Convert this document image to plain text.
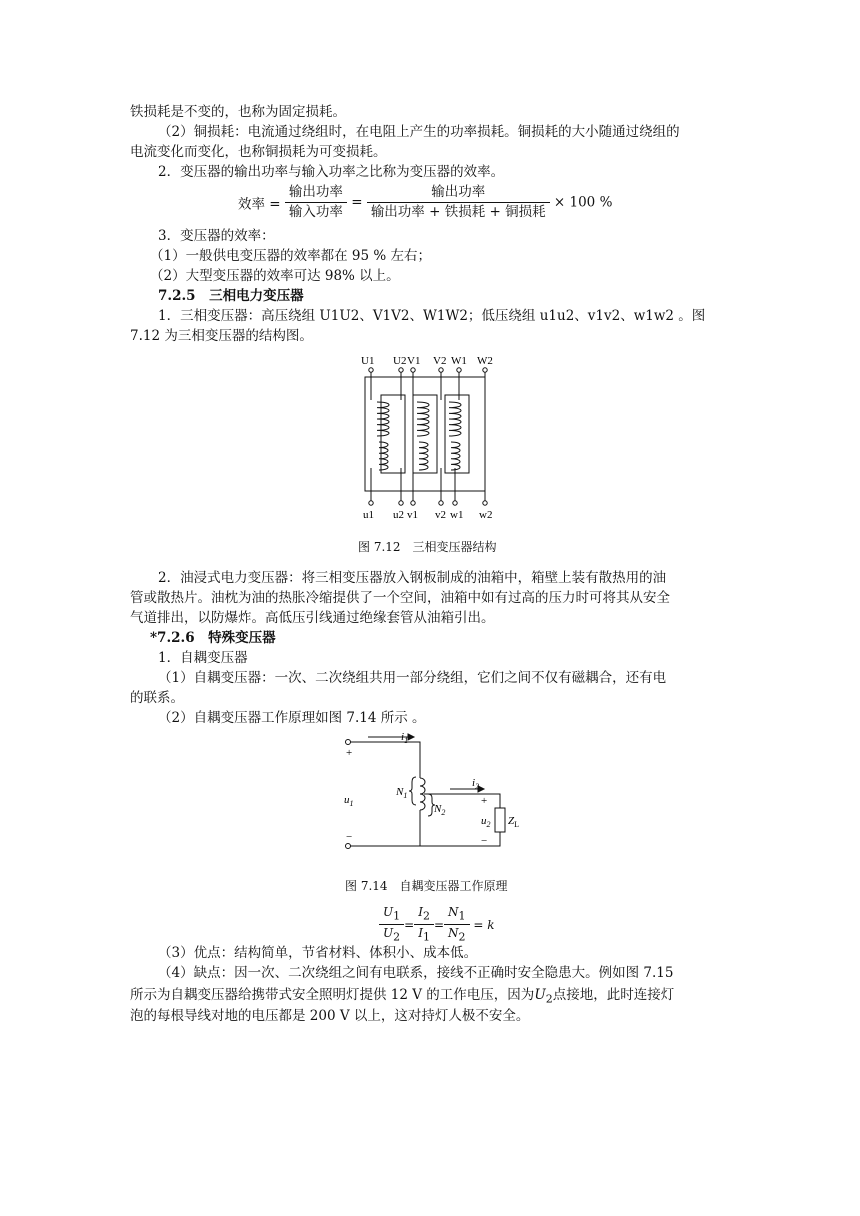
铁损耗是不变的，也称为固定损耗。
（2）铜损耗：电流通过绕组时，在电阻上产生的功率损耗。铜损耗的大小随通过绕组的
电流变化而变化，也称铜损耗为可变损耗。
2．变压器的输出功率与输入功率之比称为变压器的效率。
效率 = $\frac{\text{输出功率}}{\text{输入功率}} = \frac{\text{输出功率}}{\text{输出功率 + 铁损耗 + 铜损耗}} \times 100$ %
3．变压器的效率：
（1）一般供电变压器的效率都在 95 % 左右；
（2）大型变压器的效率可达 98% 以上。
7.2.5　三相电力变压器
1．三相变压器：高压绕组 U1U2、V1V2、W1W2；低压绕组 u1u2、v1v2、w1w2 。图
7.12 为三相变压器的结构图。
U1 U2 V1 V2 W1 W2
u1 u2 v1 v2 w1 w2
图 7.12　三相变压器结构
2．油浸式电力变压器：将三相变压器放入钢板制成的油箱中，箱壁上装有散热用的油
管或散热片。油枕为油的热胀冷缩提供了一个空间，油箱中如有过高的压力时可将其从安全
气道排出，以防爆炸。高低压引线通过绝缘套管从油箱引出。
*7.2.6　特殊变压器
1．自耦变压器
（1）自耦变压器：一次、二次绕组共用一部分绕组，它们之间不仅有磁耦合，还有电
的联系。
（2）自耦变压器工作原理如图 7.14 所示 。
$i_1$
+
$u_1$
−
$N_1$
$N_2$
$i_2$
+
$u_2$
−
$Z_L$
图 7.14　自耦变压器工作原理
$\frac{U_1}{U_2} = \frac{I_2}{I_1} = \frac{N_1}{N_2} = k$
（3）优点：结构简单，节省材料、体积小、成本低。
（4）缺点：因一次、二次绕组之间有电联系，接线不正确时安全隐患大。例如图 7.15
所示为自耦变压器给携带式安全照明灯提供 12 V 的工作电压，因为$U_2$点接地，此时连接灯
泡的每根导线对地的电压都是 200 V 以上，这对持灯人极不安全。
